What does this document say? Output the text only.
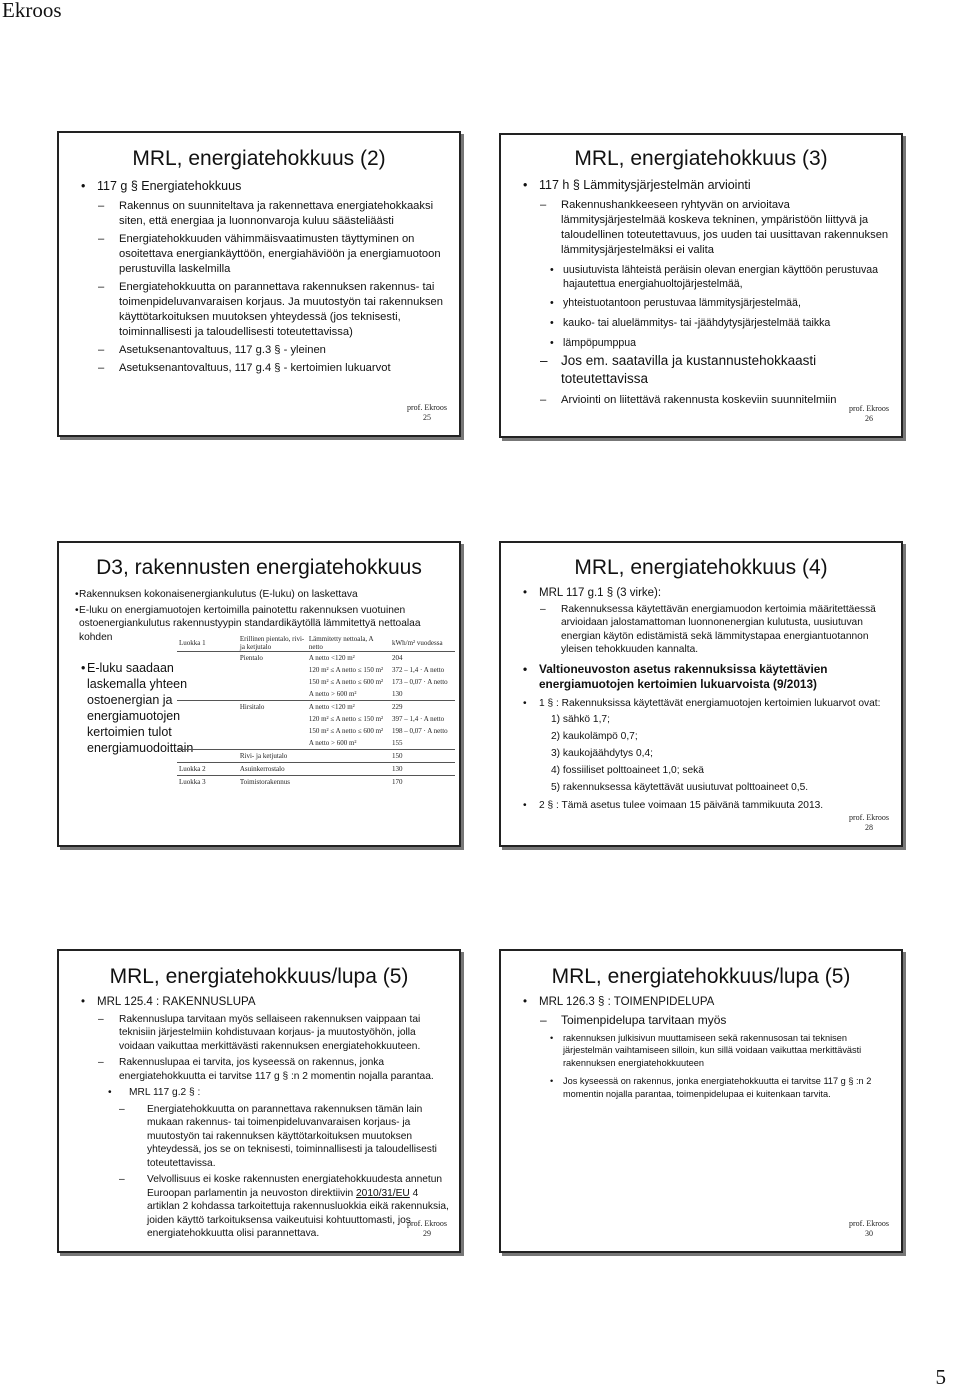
Ekroos
MRL, energiatehokkuus (2)
• 117 g § Energiatehokkuus
– Rakennus on suunniteltava ja rakennettava energiatehokkaaksi siten, että energiaa ja luonnonvaroja kuluu säästeliäästi
– Energiatehokkuuden vähimmäisvaatimusten täyttyminen on osoitettava energiankäyttöön, energiahäviöön ja energiamuotoon perustuvilla laskelmilla
– Energiatehokkuutta on parannettava rakennuksen rakennus- tai toimenpideluvanvaraisen korjaus. Ja muutostyön tai rakennuksen käyttötarkoituksen muutoksen yhteydessä (jos teknisesti, toiminnallisesti ja taloudellisesti toteutettavissa)
– Asetuksenantovaltuus, 117 g.3 § - yleinen
– Asetuksenantovaltuus, 117 g.4 § - kertoimien lukuarvot
prof. Ekroos
25
MRL, energiatehokkuus (3)
• 117 h § Lämmitysjärjestelmän arviointi
– Rakennushankkeeseen ryhtyvän on arvioitava lämmitysjärjestelmää koskeva tekninen, ympäristöön liittyvä ja taloudellinen toteutettavuus, jos uuden tai uusittavan rakennuksen lämmitysjärjestelmäksi ei valita
• uusiutuvista lähteistä peräisin olevan energian käyttöön perustuvaa hajautettua energiahuoltojärjestelmää,
• yhteistuotantoon perustuvaa lämmitysjärjestelmää,
• kauko- tai aluelämmitys- tai -jäähdytysjärjestelmää taikka
• lämpöpumppua
– Jos em. saatavilla ja kustannustehokkaasti toteutettavissa
– Arviointi on liitettävä rakennusta koskeviin suunnitelmiin
prof. Ekroos
26
D3, rakennusten energiatehokkuus
• Rakennuksen kokonaisenergiankulutus (E-luku) on laskettava
• E-luku on energiamuotojen kertoimilla painotettu rakennuksen vuotuinen ostoenergiankulutus rakennustyypin standardikäytöllä lämmitettyä nettoalaa kohden
• E-luku saadaan laskemalla yhteen ostoenergian ja energiamuotojen kertoimien tulot energiamuodoittain
Luokka 1	Erillinen pientalo, rivi- ja ketjutalo	Lämmitetty nettoala, A netto	kWh/m² vuodessa
	Pientalo	A netto <120 m²	204
		120 m² ≤ A netto ≤ 150 m²	372 – 1,4 · A netto
		150 m² ≤ A netto ≤ 600 m²	173 – 0,07 · A netto
		A netto > 600 m²	130
	Hirsitalo	A netto <120 m²	229
		120 m² ≤ A netto ≤ 150 m²	397 – 1,4 · A netto
		150 m² ≤ A netto ≤ 600 m²	198 – 0,07 · A netto
		A netto > 600 m²	155
	Rivi- ja ketjutalo		150
Luokka 2	Asuinkerrostalo		130
Luokka 3	Toimistorakennus		170
MRL, energiatehokkuus (4)
• MRL 117 g.1 § (3 virke):
– Rakennuksessa käytettävän energiamuodon kertoimia määritettäessä arvioidaan jalostamattoman luonnonenergian kulutusta, uusiutuvan energian käytön edistämistä sekä lämmitystapaa energiantuotannon yleisen tehokkuuden kannalta.
• Valtioneuvoston asetus rakennuksissa käytettävien energiamuotojen kertoimien lukuarvoista (9/2013)
• 1 § : Rakennuksissa käytettävät energiamuotojen kertoimien lukuarvot ovat:
1) sähkö 1,7;
2) kaukolämpö 0,7;
3) kaukojäähdytys 0,4;
4) fossiiliset polttoaineet 1,0; sekä
5) rakennuksessa käytettävät uusiutuvat polttoaineet 0,5.
• 2 § : Tämä asetus tulee voimaan 15 päivänä tammikuuta 2013.
prof. Ekroos
28
MRL, energiatehokkuus/lupa (5)
• MRL 125.4 : RAKENNUSLUPA
– Rakennuslupa tarvitaan myös sellaiseen rakennuksen vaippaan tai teknisiin järjestelmiin kohdistuvaan korjaus- ja muutostyöhön, jolla voidaan vaikuttaa merkittävästi rakennuksen energiatehokkuuteen.
– Rakennuslupaa ei tarvita, jos kyseessä on rakennus, jonka energiatehokkuutta ei tarvitse 117 g § :n 2 momentin nojalla parantaa.
• MRL 117 g.2 § :
– Energiatehokkuutta on parannettava rakennuksen tämän lain mukaan rakennus- tai toimenpideluvanvaraisen korjaus- ja muutostyön tai rakennuksen käyttötarkoituksen muutoksen yhteydessä, jos se on teknisesti, toiminnallisesti ja taloudellisesti toteutettavissa.
– Velvollisuus ei koske rakennusten energiatehokkuudesta annetun Euroopan parlamentin ja neuvoston direktiivin 2010/31/EU 4 artiklan 2 kohdassa tarkoitettuja rakennusluokkia eikä rakennuksia, joiden käyttö tarkoituksensa vaikeutuisi kohtuuttomasti, jos energiatehokkuutta olisi parannettava.
prof. Ekroos
29
MRL, energiatehokkuus/lupa (5)
• MRL 126.3 § : TOIMENPIDELUPA
– Toimenpidelupa tarvitaan myös
• rakennuksen julkisivun muuttamiseen sekä rakennusosan tai teknisen järjestelmän vaihtamiseen silloin, kun sillä voidaan vaikuttaa merkittävästi rakennuksen energiatehokkuuteen
• Jos kyseessä on rakennus, jonka energiatehokkuutta ei tarvitse 117 g § :n 2 momentin nojalla parantaa, toimenpidelupaa ei kuitenkaan tarvita.
prof. Ekroos
30
5
